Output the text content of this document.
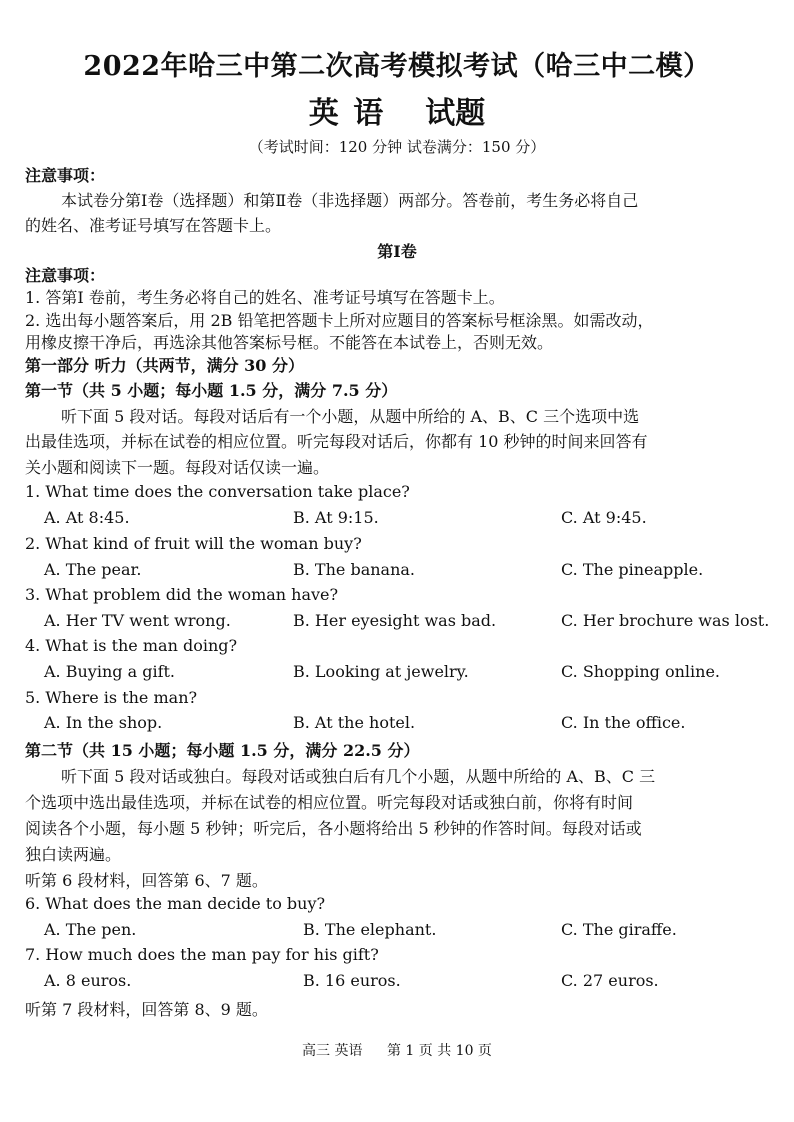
2022年哈三中第二次高考模拟考试（哈三中二模）
英 语 试题
（考试时间：120 分钟 试卷满分：150 分）
注意事项：
本试卷分第Ⅰ卷（选择题）和第Ⅱ卷（非选择题）两部分。答卷前，考生务必将自己
的姓名、准考证号填写在答题卡上。
第Ⅰ卷
注意事项：
1. 答第Ⅰ 卷前，考生务必将自己的姓名、准考证号填写在答题卡上。
2. 选出每小题答案后，用 2B 铅笔把答题卡上所对应题目的答案标号框涂黑。如需改动，
用橡皮擦干净后，再选涂其他答案标号框。不能答在本试卷上，否则无效。
第一部分 听力（共两节，满分 30 分）
第一节（共 5 小题；每小题 1.5 分，满分 7.5 分）
听下面 5 段对话。每段对话后有一个小题，从题中所给的 A、B、C 三个选项中选
出最佳选项，并标在试卷的相应位置。听完每段对话后，你都有 10 秒钟的时间来回答有
关小题和阅读下一题。每段对话仅读一遍。
1. What time does the conversation take place?
A. At 8:45.	B. At 9:15.	C. At 9:45.
2. What kind of fruit will the woman buy?
A. The pear.	B. The banana.	C. The pineapple.
3. What problem did the woman have?
A. Her TV went wrong.	B. Her eyesight was bad.	C. Her brochure was lost.
4. What is the man doing?
A. Buying a gift.	B. Looking at jewelry.	C. Shopping online.
5. Where is the man?
A. In the shop.	B. At the hotel.	C. In the office.
第二节（共 15 小题；每小题 1.5 分，满分 22.5 分）
听下面 5 段对话或独白。每段对话或独白后有几个小题，从题中所给的 A、B、C 三
个选项中选出最佳选项，并标在试卷的相应位置。听完每段对话或独白前，你将有时间
阅读各个小题，每小题 5 秒钟；听完后，各小题将给出 5 秒钟的作答时间。每段对话或
独白读两遍。
听第 6 段材料，回答第 6、7 题。
6. What does the man decide to buy?
A. The pen.	B. The elephant.	C. The giraffe.
7. How much does the man pay for his gift?
A. 8 euros.	B. 16 euros.	C. 27 euros.
听第 7 段材料，回答第 8、9 题。
高三 英语 第 1 页 共 10 页
